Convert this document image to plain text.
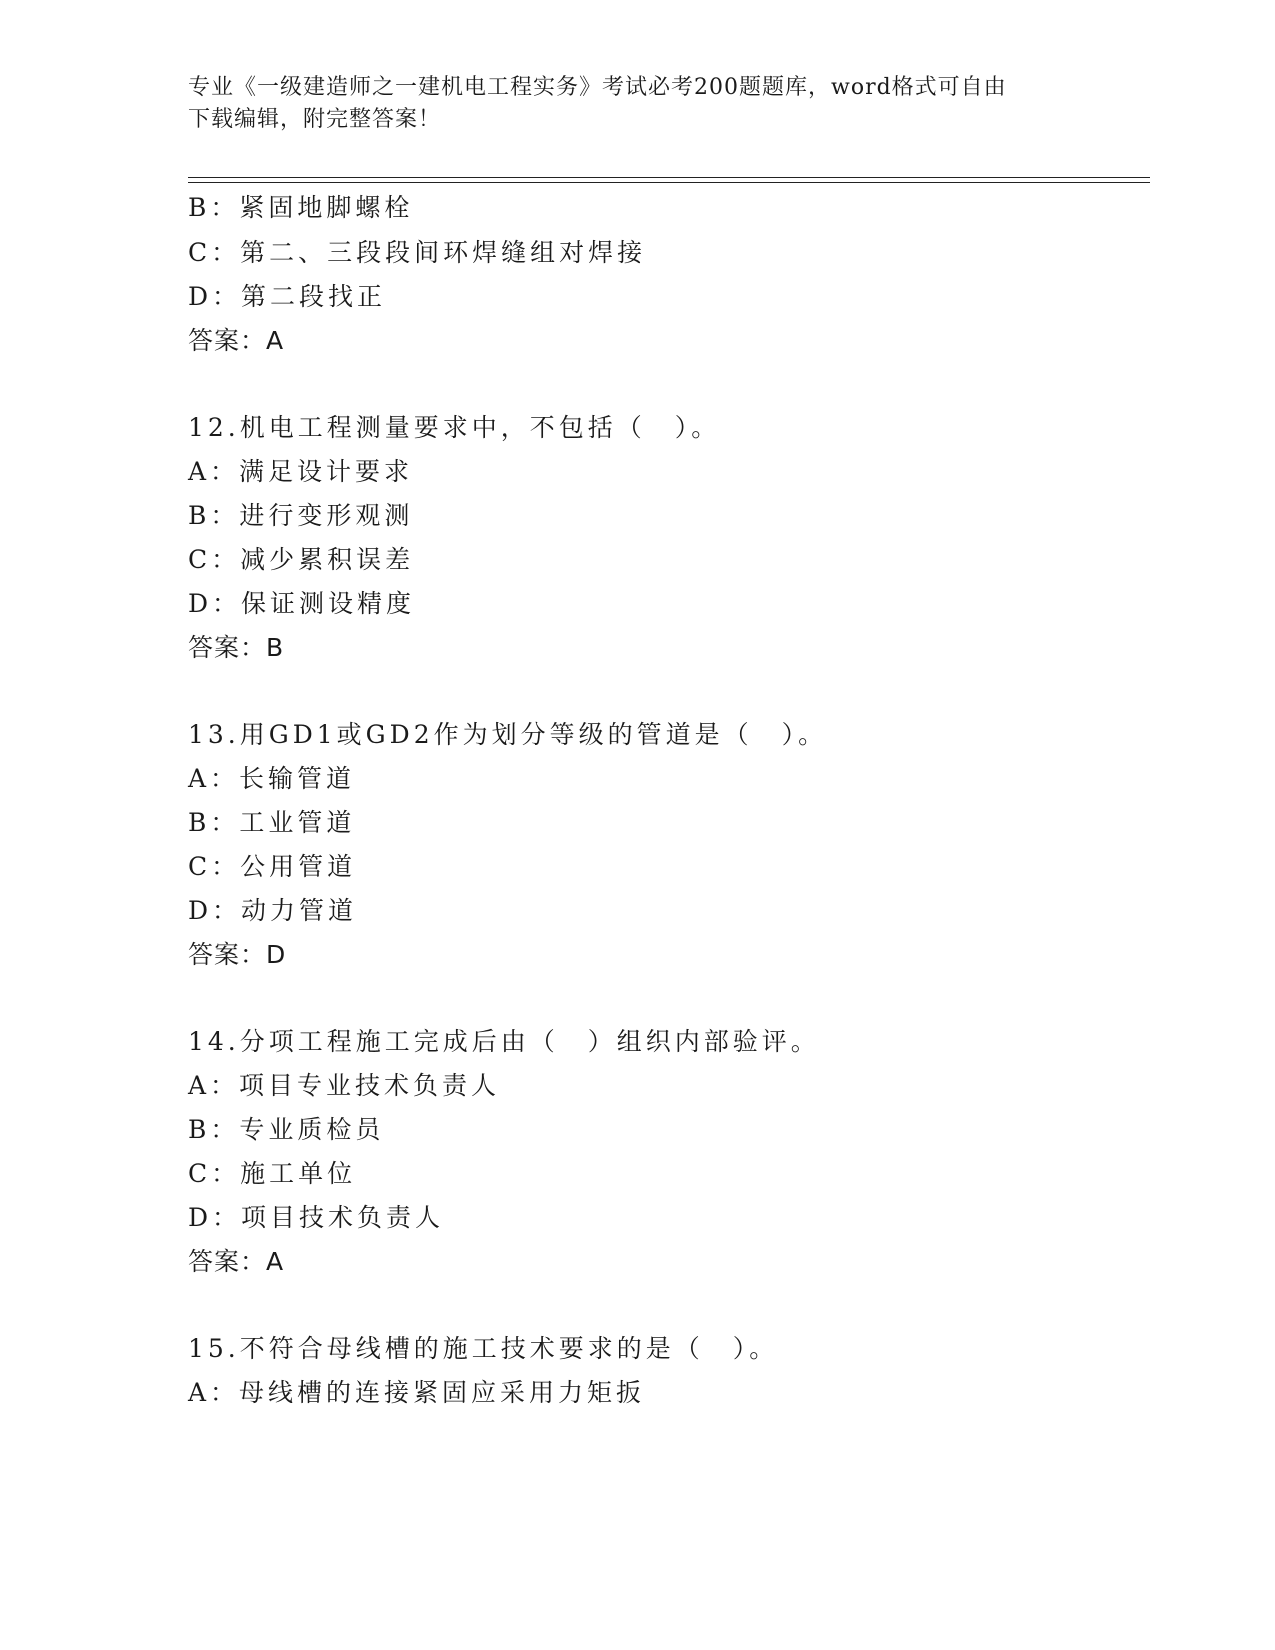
专业《一级建造师之一建机电工程实务》考试必考200题题库，word格式可自由
下载编辑，附完整答案！
B：紧固地脚螺栓
C：第二、三段段间环焊缝组对焊接
D：第二段找正
答案：A
12.机电工程测量要求中，不包括（　）。
A：满足设计要求
B：进行变形观测
C：减少累积误差
D：保证测设精度
答案：B
13.用GD1或GD2作为划分等级的管道是（　）。
A：长输管道
B：工业管道
C：公用管道
D：动力管道
答案：D
14.分项工程施工完成后由（　）组织内部验评。
A：项目专业技术负责人
B：专业质检员
C：施工单位
D：项目技术负责人
答案：A
15.不符合母线槽的施工技术要求的是（　）。
A：母线槽的连接紧固应采用力矩扳
